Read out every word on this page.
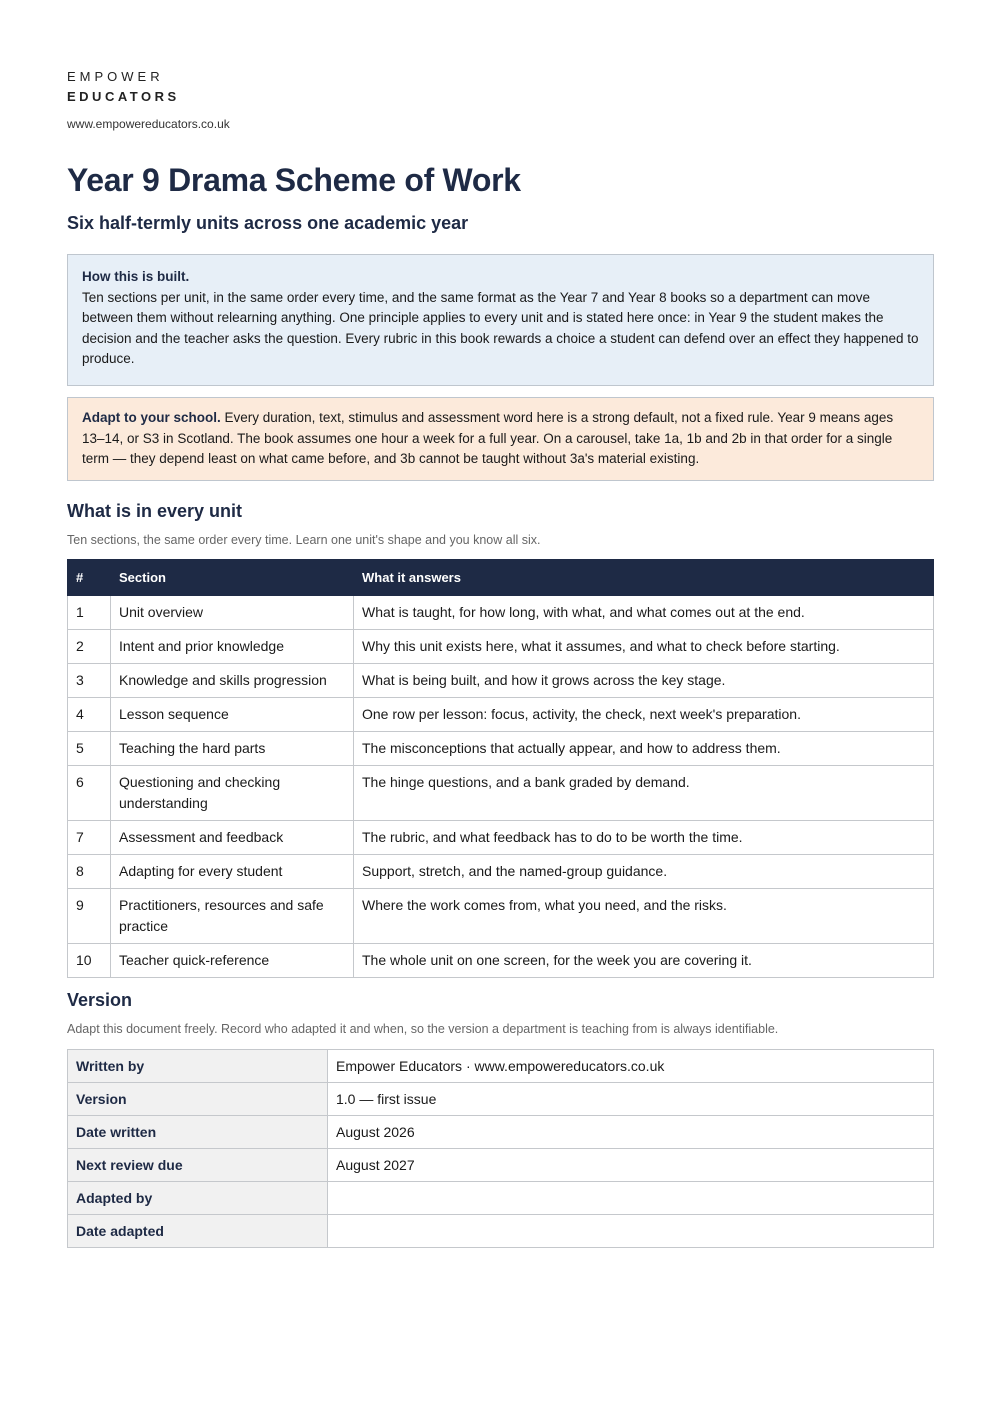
EMPOWER
EDUCATORS
www.empowereducators.co.uk
Year 9 Drama Scheme of Work
Six half-termly units across one academic year
How this is built.
Ten sections per unit, in the same order every time, and the same format as the Year 7 and Year 8 books so a department can move between them without relearning anything. One principle applies to every unit and is stated here once: in Year 9 the student makes the decision and the teacher asks the question. Every rubric in this book rewards a choice a student can defend over an effect they happened to produce.
Adapt to your school. Every duration, text, stimulus and assessment word here is a strong default, not a fixed rule. Year 9 means ages 13–14, or S3 in Scotland. The book assumes one hour a week for a full year. On a carousel, take 1a, 1b and 2b in that order for a single term — they depend least on what came before, and 3b cannot be taught without 3a's material existing.
What is in every unit
Ten sections, the same order every time. Learn one unit's shape and you know all six.
#	Section	What it answers
1	Unit overview	What is taught, for how long, with what, and what comes out at the end.
2	Intent and prior knowledge	Why this unit exists here, what it assumes, and what to check before starting.
3	Knowledge and skills progression	What is being built, and how it grows across the key stage.
4	Lesson sequence	One row per lesson: focus, activity, the check, next week's preparation.
5	Teaching the hard parts	The misconceptions that actually appear, and how to address them.
6	Questioning and checking understanding	The hinge questions, and a bank graded by demand.
7	Assessment and feedback	The rubric, and what feedback has to do to be worth the time.
8	Adapting for every student	Support, stretch, and the named-group guidance.
9	Practitioners, resources and safe practice	Where the work comes from, what you need, and the risks.
10	Teacher quick-reference	The whole unit on one screen, for the week you are covering it.
Version
Adapt this document freely. Record who adapted it and when, so the version a department is teaching from is always identifiable.
Written by	Empower Educators · www.empowereducators.co.uk
Version	1.0 — first issue
Date written	August 2026
Next review due	August 2027
Adapted by	
Date adapted	
